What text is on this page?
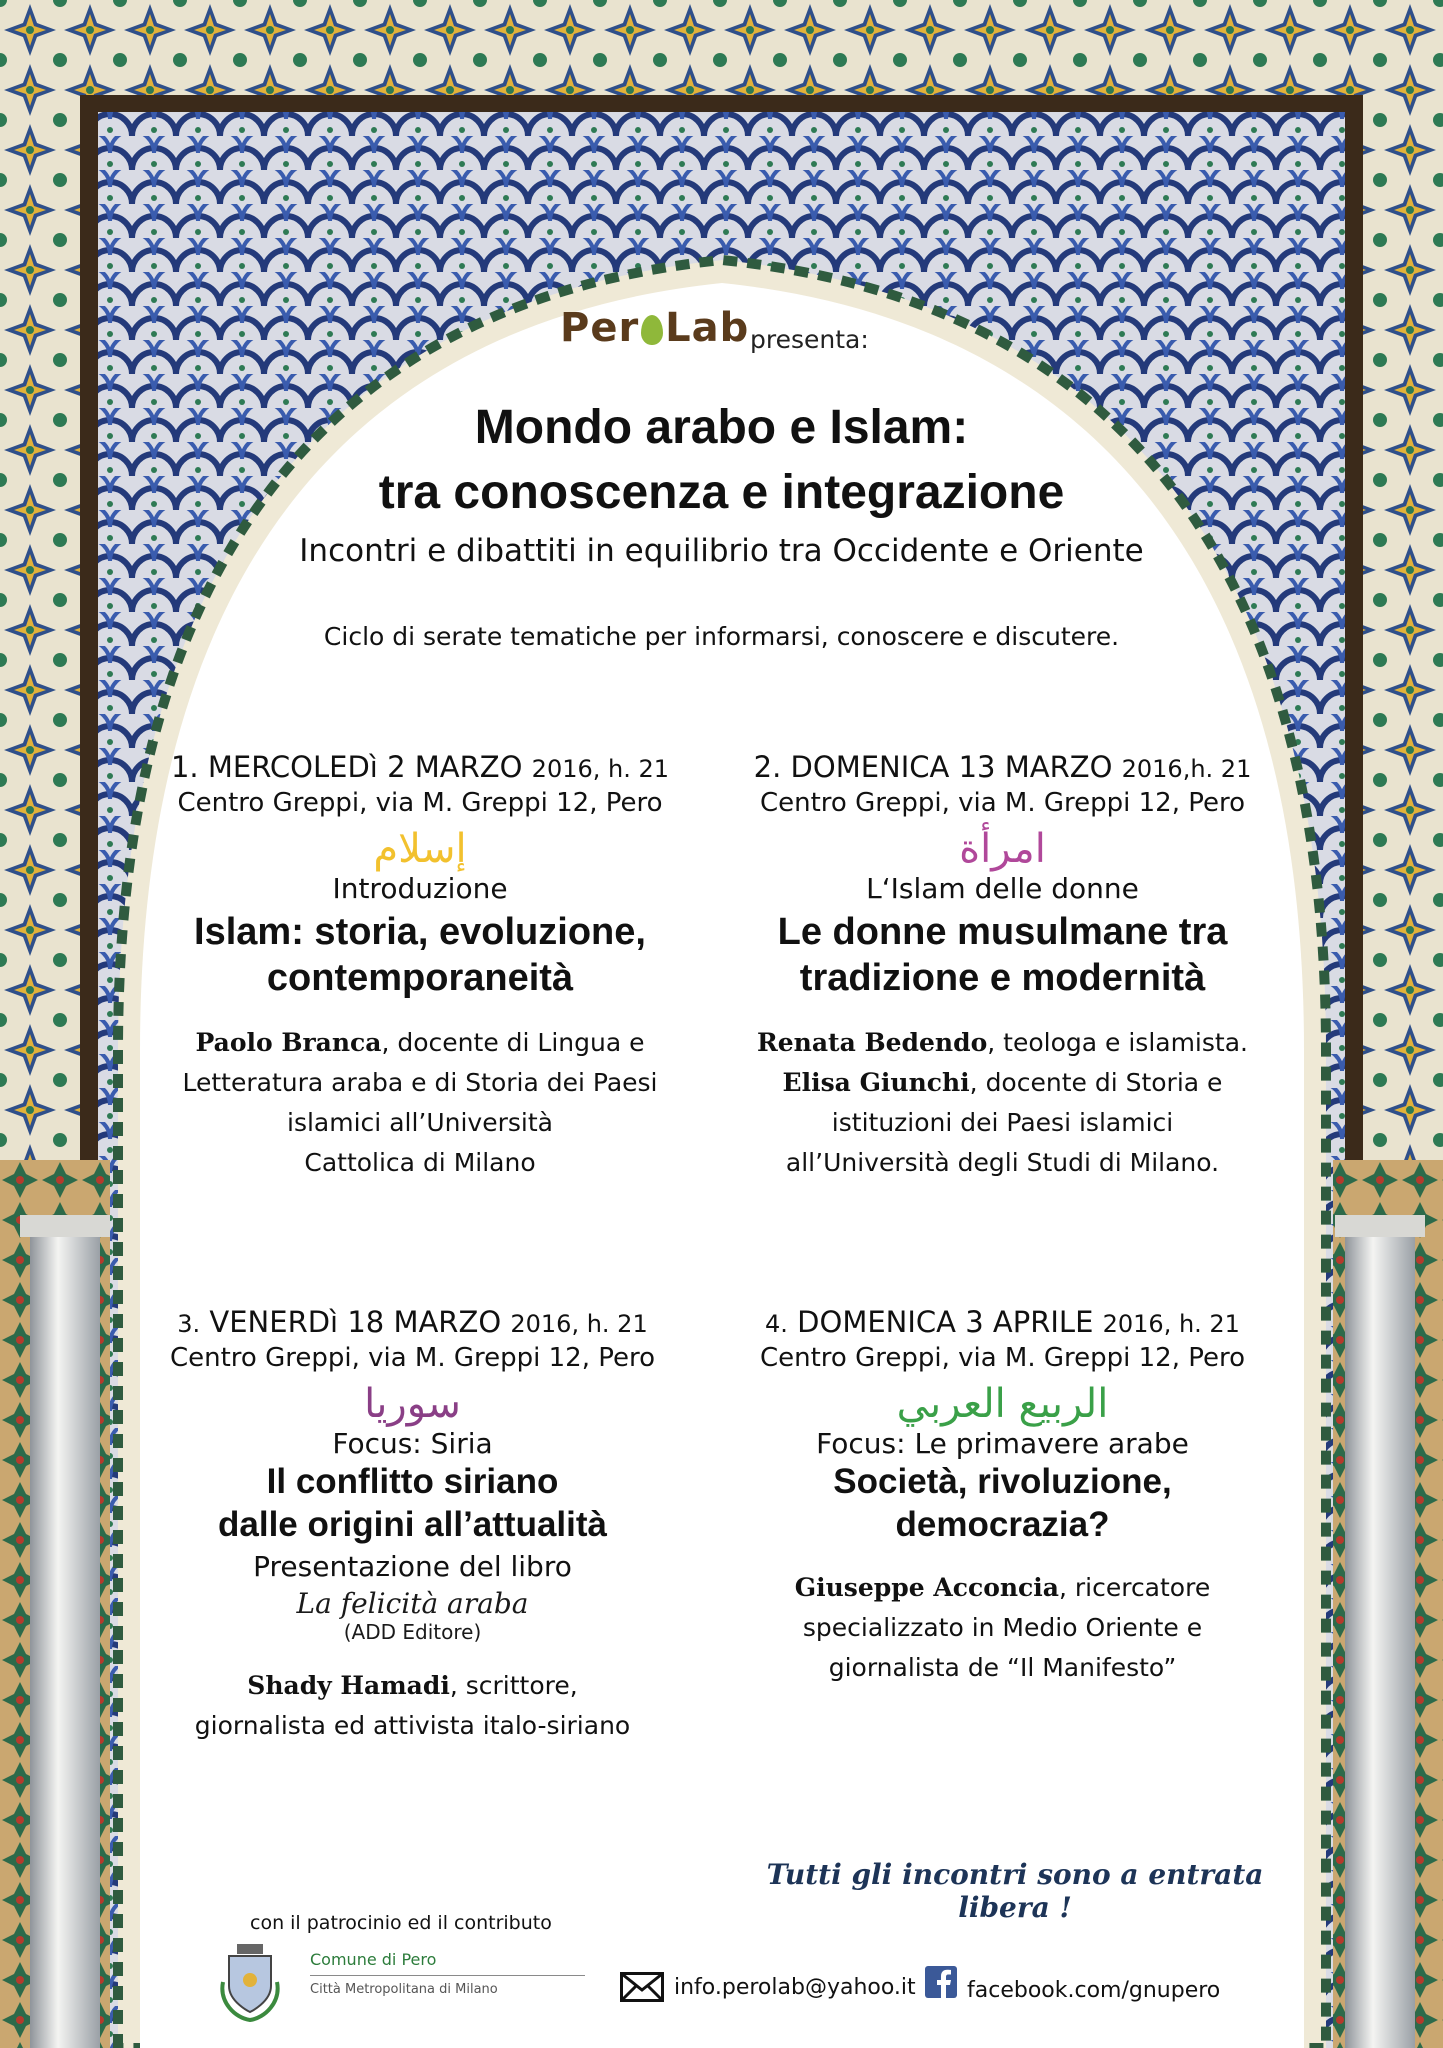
Per Lab presenta:
Mondo arabo e Islam:
tra conoscenza e integrazione
Incontri e dibattiti in equilibrio tra Occidente e Oriente
Ciclo di serate tematiche per informarsi, conoscere e discutere.
1. MERCOLEDì 2 MARZO 2016, h. 21
Centro Greppi, via M. Greppi 12, Pero
إسلام
Introduzione
Islam: storia, evoluzione,
contemporaneità
Paolo Branca, docente di Lingua e
Letteratura araba e di Storia dei Paesi
islamici all’Università
Cattolica di Milano
2. DOMENICA 13 MARZO 2016,h. 21
Centro Greppi, via M. Greppi 12, Pero
امرأة
L‘Islam delle donne
Le donne musulmane tra
tradizione e modernità
Renata Bedendo, teologa e islamista.
Elisa Giunchi, docente di Storia e
istituzioni dei Paesi islamici
all’Università degli Studi di Milano.
3. VENERDì 18 MARZO 2016, h. 21
Centro Greppi, via M. Greppi 12, Pero
سوريا
Focus: Siria
Il conflitto siriano
dalle origini all’attualità
Presentazione del libro
La felicità araba
(ADD Editore)
Shady Hamadi, scrittore,
giornalista ed attivista italo-siriano
4. DOMENICA 3 APRILE 2016, h. 21
Centro Greppi, via M. Greppi 12, Pero
الربيع العربي
Focus: Le primavere arabe
Società, rivoluzione,
democrazia?
Giuseppe Acconcia, ricercatore
specializzato in Medio Oriente e
giornalista de “Il Manifesto”
Tutti gli incontri sono a entrata libera !
con il patrocinio ed il contributo
Comune di Pero
Città Metropolitana di Milano	info.perolab@yahoo.it facebook.com/gnupero
